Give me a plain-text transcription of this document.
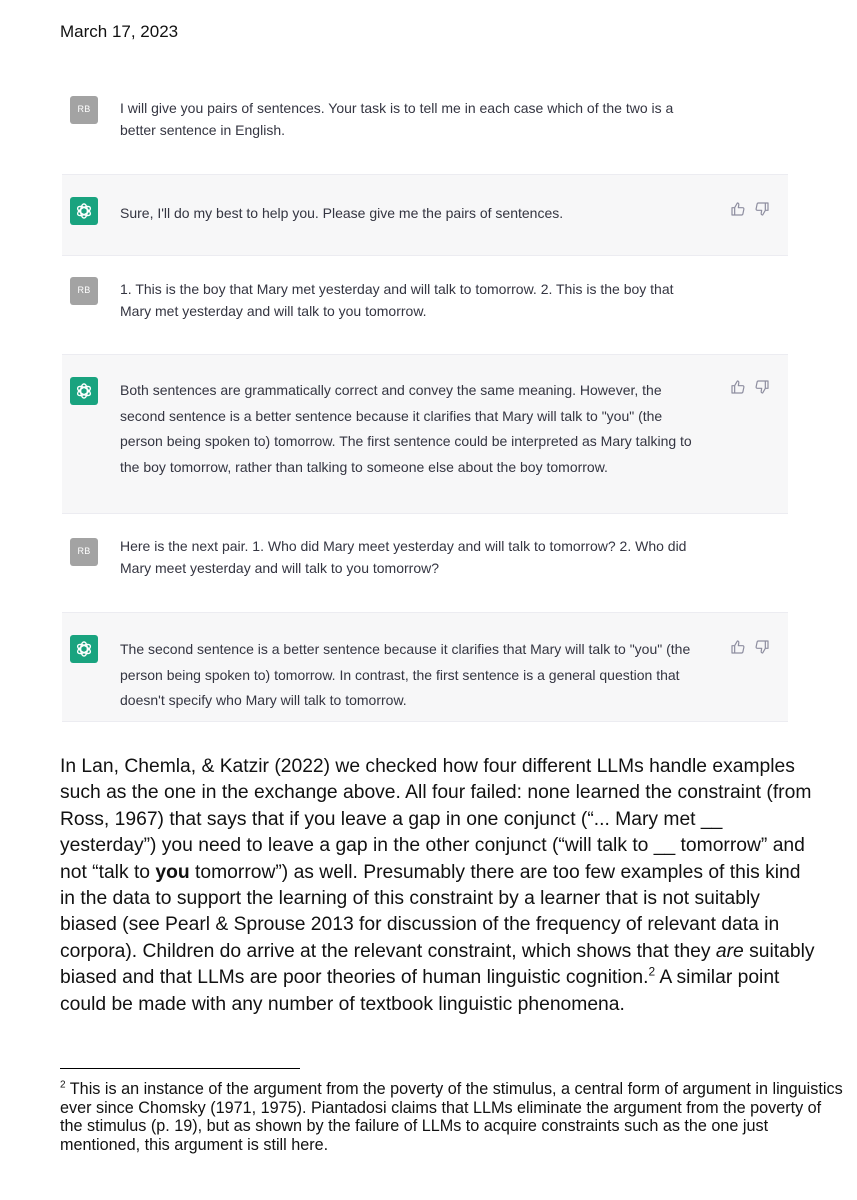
March 17, 2023
RB	I will give you pairs of sentences. Your task is to tell me in each case which of the two is a better sentence in English.

Sure, I'll do my best to help you. Please give me the pairs of sentences.

RB	1. This is the boy that Mary met yesterday and will talk to tomorrow. 2. This is the boy that Mary met yesterday and will talk to you tomorrow.

Both sentences are grammatically correct and convey the same meaning. However, the second sentence is a better sentence because it clarifies that Mary will talk to "you" (the person being spoken to) tomorrow. The first sentence could be interpreted as Mary talking to the boy tomorrow, rather than talking to someone else about the boy tomorrow.

RB	Here is the next pair. 1. Who did Mary meet yesterday and will talk to tomorrow? 2. Who did Mary meet yesterday and will talk to you tomorrow?

The second sentence is a better sentence because it clarifies that Mary will talk to "you" (the person being spoken to) tomorrow. In contrast, the first sentence is a general question that doesn't specify who Mary will talk to tomorrow.

In Lan, Chemla, & Katzir (2022) we checked how four different LLMs handle examples such as the one in the exchange above. All four failed: none learned the constraint (from Ross, 1967) that says that if you leave a gap in one conjunct (“... Mary met __ yesterday”) you need to leave a gap in the other conjunct (“will talk to __ tomorrow” and not “talk to you tomorrow”) as well. Presumably there are too few examples of this kind in the data to support the learning of this constraint by a learner that is not suitably biased (see Pearl & Sprouse 2013 for discussion of the frequency of relevant data in corpora). Children do arrive at the relevant constraint, which shows that they are suitably biased and that LLMs are poor theories of human linguistic cognition.$^2$ A similar point could be made with any number of textbook linguistic phenomena.

$^2$ This is an instance of the argument from the poverty of the stimulus, a central form of argument in linguistics ever since Chomsky (1971, 1975). Piantadosi claims that LLMs eliminate the argument from the poverty of the stimulus (p. 19), but as shown by the failure of LLMs to acquire constraints such as the one just mentioned, this argument is still here.
